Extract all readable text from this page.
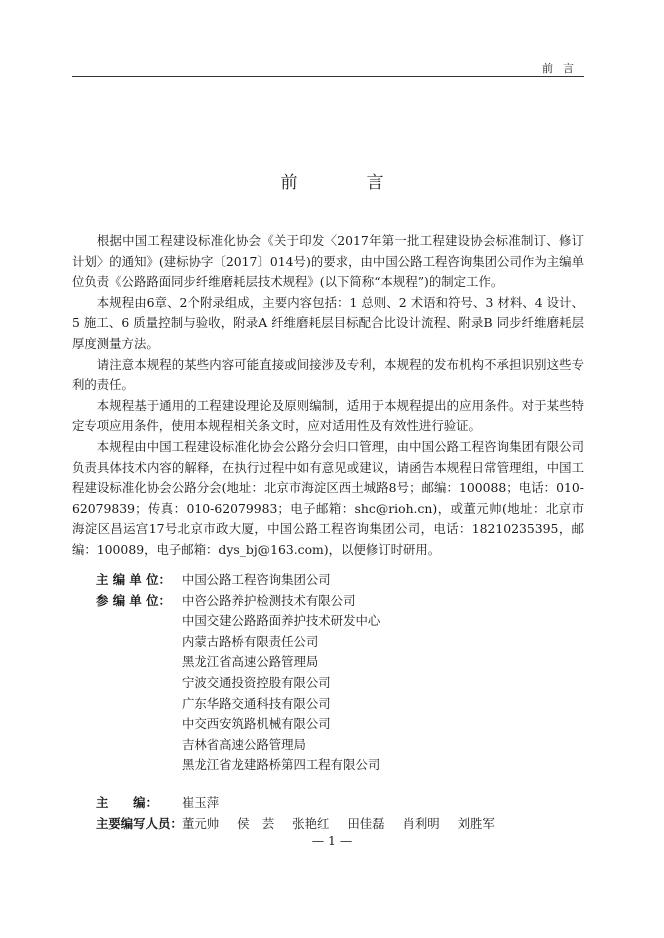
前言
前　言

根据中国工程建设标准化协会《关于印发〈2017年第一批工程建设协会标准制订、修订计划〉的通知》(建标协字〔2017〕014号)的要求，由中国公路工程咨询集团公司作为主编单位负责《公路路面同步纤维磨耗层技术规程》(以下简称“本规程”)的制定工作。

本规程由6章、2个附录组成，主要内容包括：1 总则、2 术语和符号、3 材料、4 设计、5 施工、6 质量控制与验收，附录A 纤维磨耗层目标配合比设计流程、附录B 同步纤维磨耗层厚度测量方法。

请注意本规程的某些内容可能直接或间接涉及专利，本规程的发布机构不承担识别这些专利的责任。

本规程基于通用的工程建设理论及原则编制，适用于本规程提出的应用条件。对于某些特定专项应用条件，使用本规程相关条文时，应对适用性及有效性进行验证。

本规程由中国工程建设标准化协会公路分会归口管理，由中国公路工程咨询集团有限公司负责具体技术内容的解释，在执行过程中如有意见或建议，请函告本规程日常管理组，中国工程建设标准化协会公路分会(地址：北京市海淀区西土城路8号；邮编：100088；电话：010-62079839；传真：010-62079983；电子邮箱：shc@rioh.cn)，或董元帅(地址：北京市海淀区昌运宫17号北京市政大厦，中国公路工程咨询集团公司，电话：18210235395，邮编：100089，电子邮箱：dys_bj@163.com)，以便修订时研用。

主 编 单 位： 中国公路工程咨询集团公司
参 编 单 位： 中咨公路养护检测技术有限公司
中国交建公路路面养护技术研发中心
内蒙古路桥有限责任公司
黑龙江省高速公路管理局
宁波交通投资控股有限公司
广东华路交通科技有限公司
中交西安筑路机械有限公司
吉林省高速公路管理局
黑龙江省龙建路桥第四工程有限公司
主　　编：	崔玉萍
主要编写人员： 董元帅 侯　芸 张艳红 田佳磊 肖利明 刘胜军
— 1 —
